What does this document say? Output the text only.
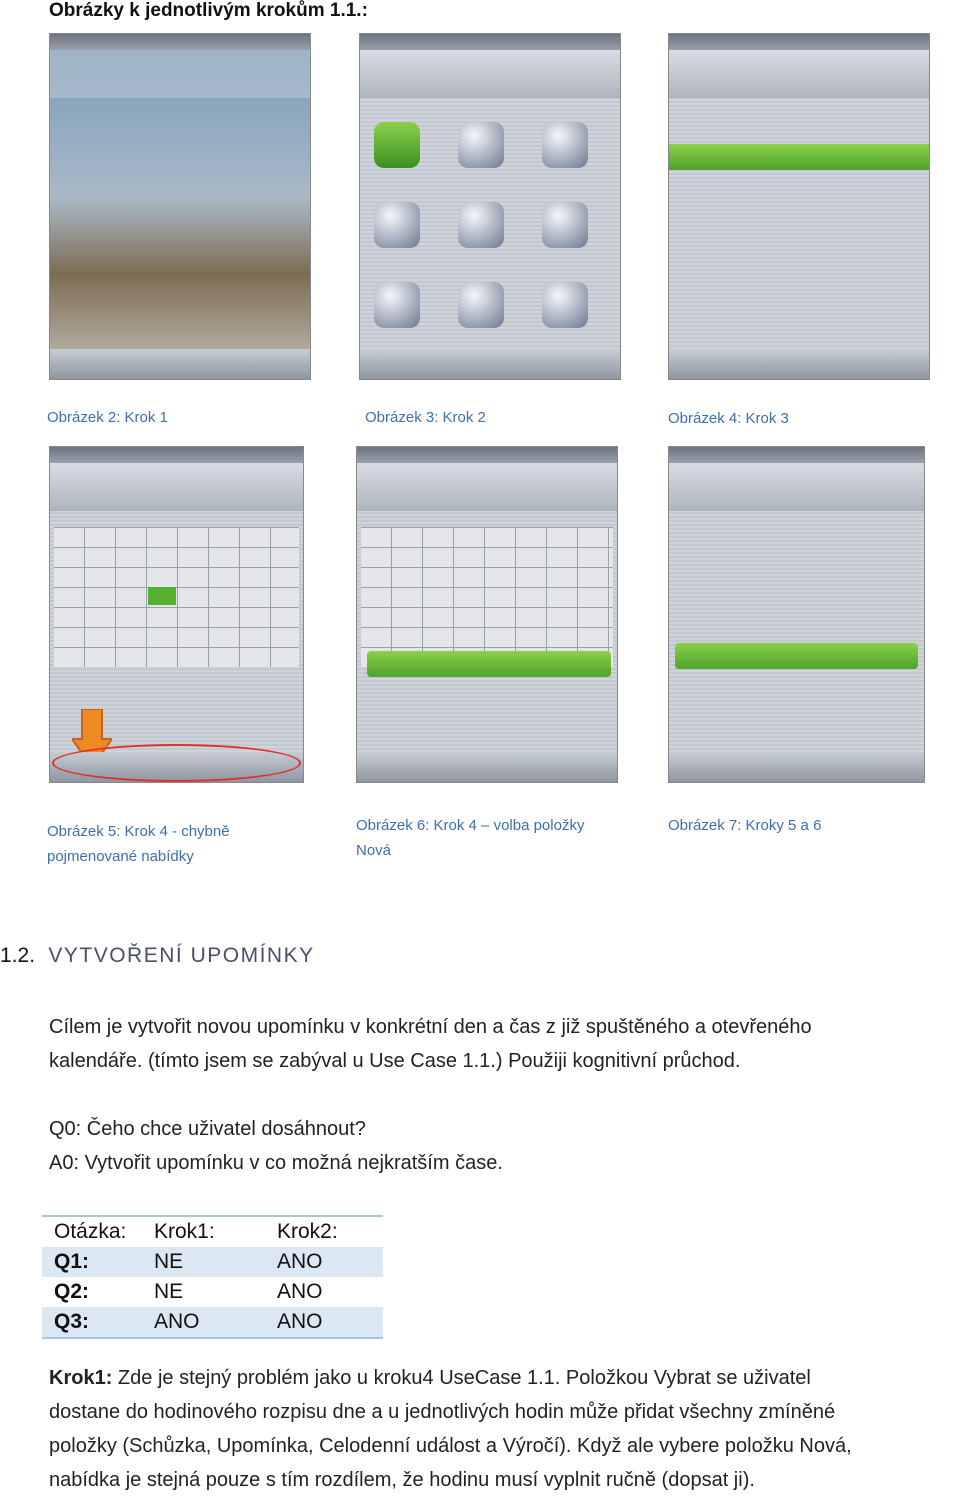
Obrázky k jednotlivým krokům 1.1.:
Obrázek 2: Krok 1	Obrázek 3: Krok 2	Obrázek 4: Krok 3
Obrázek 5: Krok 4 - chybně
pojmenované nabídky
Obrázek 6: Krok 4 – volba položky
Nová
Obrázek 7: Kroky 5 a 6
1.2. VYTVOŘENÍ UPOMÍNKY
Cílem je vytvořit novou upomínku v konkrétní den a čas z již spuštěného a otevřeného
kalendáře. (tímto jsem se zabýval u Use Case 1.1.) Použiji kognitivní průchod.
Q0: Čeho chce uživatel dosáhnout?
A0: Vytvořit upomínku v co možná nejkratším čase.
Otázka:	Krok1:	Krok2:
Q1:	NE	ANO
Q2:	NE	ANO
Q3:	ANO	ANO
Krok1: Zde je stejný problém jako u kroku4 UseCase 1.1. Položkou Vybrat se uživatel
dostane do hodinového rozpisu dne a u jednotlivých hodin může přidat všechny zmíněné
položky (Schůzka, Upomínka, Celodenní událost a Výročí). Když ale vybere položku Nová,
nabídka je stejná pouze s tím rozdílem, že hodinu musí vyplnit ručně (dopsat ji).
